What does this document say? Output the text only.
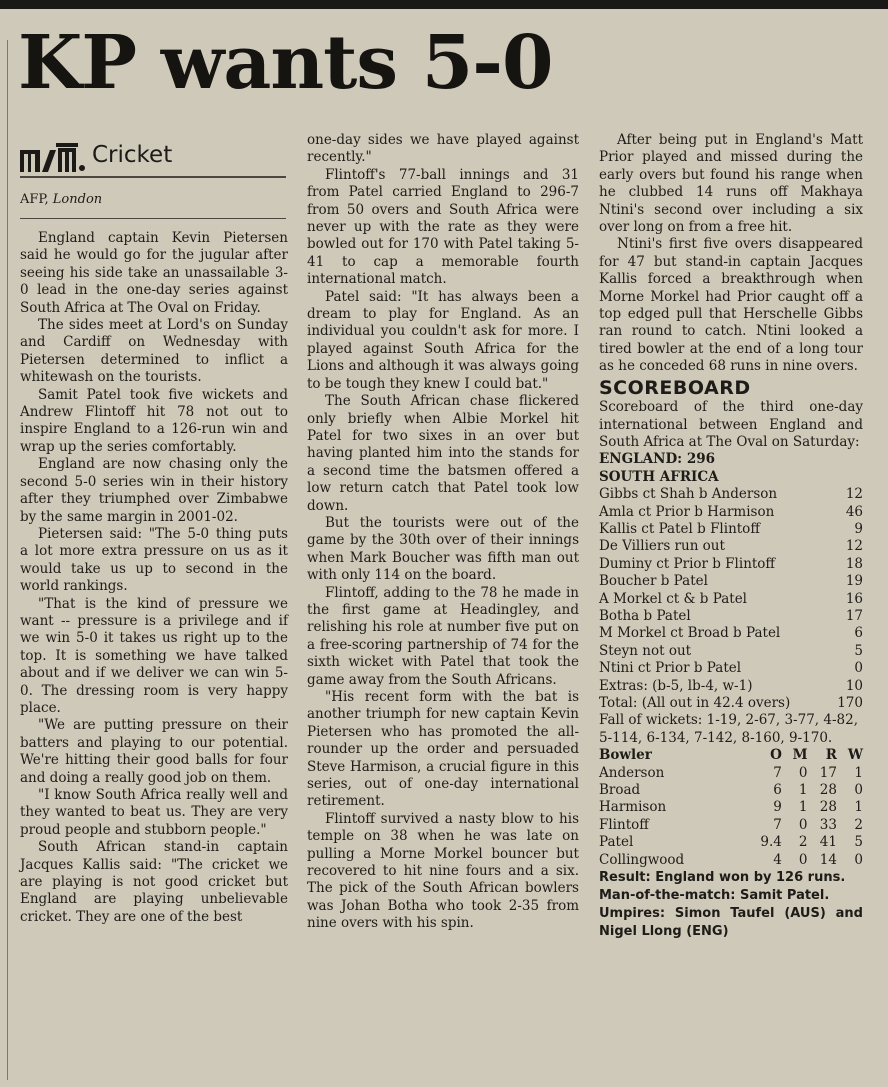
KP wants 5-0
Cricket
AFP, London

England captain Kevin Pietersen said he would go for the jugular after seeing his side take an unassailable 3-0 lead in the one-day series against South Africa at The Oval on Friday.

The sides meet at Lord's on Sunday and Cardiff on Wednesday with Pietersen determined to inflict a whitewash on the tourists.

Samit Patel took five wickets and Andrew Flintoff hit 78 not out to inspire England to a 126-run win and wrap up the series comfortably.

England are now chasing only the second 5-0 series win in their history after they triumphed over Zimbabwe by the same margin in 2001-02.

Pietersen said: "The 5-0 thing puts a lot more extra pressure on us as it would take us up to second in the world rankings.

"That is the kind of pressure we want -- pressure is a privilege and if we win 5-0 it takes us right up to the top. It is something we have talked about and if we deliver we can win 5-0. The dressing room is very happy place.

"We are putting pressure on their batters and playing to our potential. We're hitting their good balls for four and doing a really good job on them.

"I know South Africa really well and they wanted to beat us. They are very proud people and stubborn people."

South African stand-in captain Jacques Kallis said: "The cricket we are playing is not good cricket but England are playing unbelievable cricket. They are one of the best

one-day sides we have played against recently."

Flintoff's 77-ball innings and 31 from Patel carried England to 296-7 from 50 overs and South Africa were never up with the rate as they were bowled out for 170 with Patel taking 5-41 to cap a memorable fourth international match.

Patel said: "It has always been a dream to play for England. As an individual you couldn't ask for more. I played against South Africa for the Lions and although it was always going to be tough they knew I could bat."

The South African chase flickered only briefly when Albie Morkel hit Patel for two sixes in an over but having planted him into the stands for a second time the batsmen offered a low return catch that Patel took low down.

But the tourists were out of the game by the 30th over of their innings when Mark Boucher was fifth man out with only 114 on the board.

Flintoff, adding to the 78 he made in the first game at Headingley, and relishing his role at number five put on a free-scoring partnership of 74 for the sixth wicket with Patel that took the game away from the South Africans.

"His recent form with the bat is another triumph for new captain Kevin Pietersen who has promoted the all-rounder up the order and persuaded Steve Harmison, a crucial figure in this series, out of one-day international retirement.

Flintoff survived a nasty blow to his temple on 38 when he was late on pulling a Morne Morkel bouncer but recovered to hit nine fours and a six. The pick of the South African bowlers was Johan Botha who took 2-35 from nine overs with his spin.

After being put in England's Matt Prior played and missed during the early overs but found his range when he clubbed 14 runs off Makhaya Ntini's second over including a six over long on from a free hit.

Ntini's first five overs disappeared for 47 but stand-in captain Jacques Kallis forced a breakthrough when Morne Morkel had Prior caught off a top edged pull that Herschelle Gibbs ran round to catch. Ntini looked a tired bowler at the end of a long tour as he conceded 68 runs in nine overs.

SCOREBOARD

Scoreboard of the third one-day international between England and South Africa at The Oval on Saturday:

ENGLAND: 296
SOUTH AFRICA
Gibbs ct Shah b Anderson	12
Amla ct Prior b Harmison	46
Kallis ct Patel b Flintoff	9
De Villiers run out	12
Duminy ct Prior b Flintoff	18
Boucher b Patel	19
A Morkel ct & b Patel	16
Botha b Patel	17
M Morkel ct Broad b Patel	6
Steyn not out	5
Ntini ct Prior b Patel	0
Extras: (b-5, lb-4, w-1)	10
Total: (All out in 42.4 overs)	170
Fall of wickets: 1-19, 2-67, 3-77, 4-82, 5-114, 6-134, 7-142, 8-160, 9-170.
Bowler	O	M	R	W
Anderson	7	0	17	1
Broad	6	1	28	0
Harmison	9	1	28	1
Flintoff	7	0	33	2
Patel	9.4	2	41	5
Collingwood	4	0	14	0
Result: England won by 126 runs.
Man-of-the-match: Samit Patel.
Umpires: Simon Taufel (AUS) and Nigel Llong (ENG)
